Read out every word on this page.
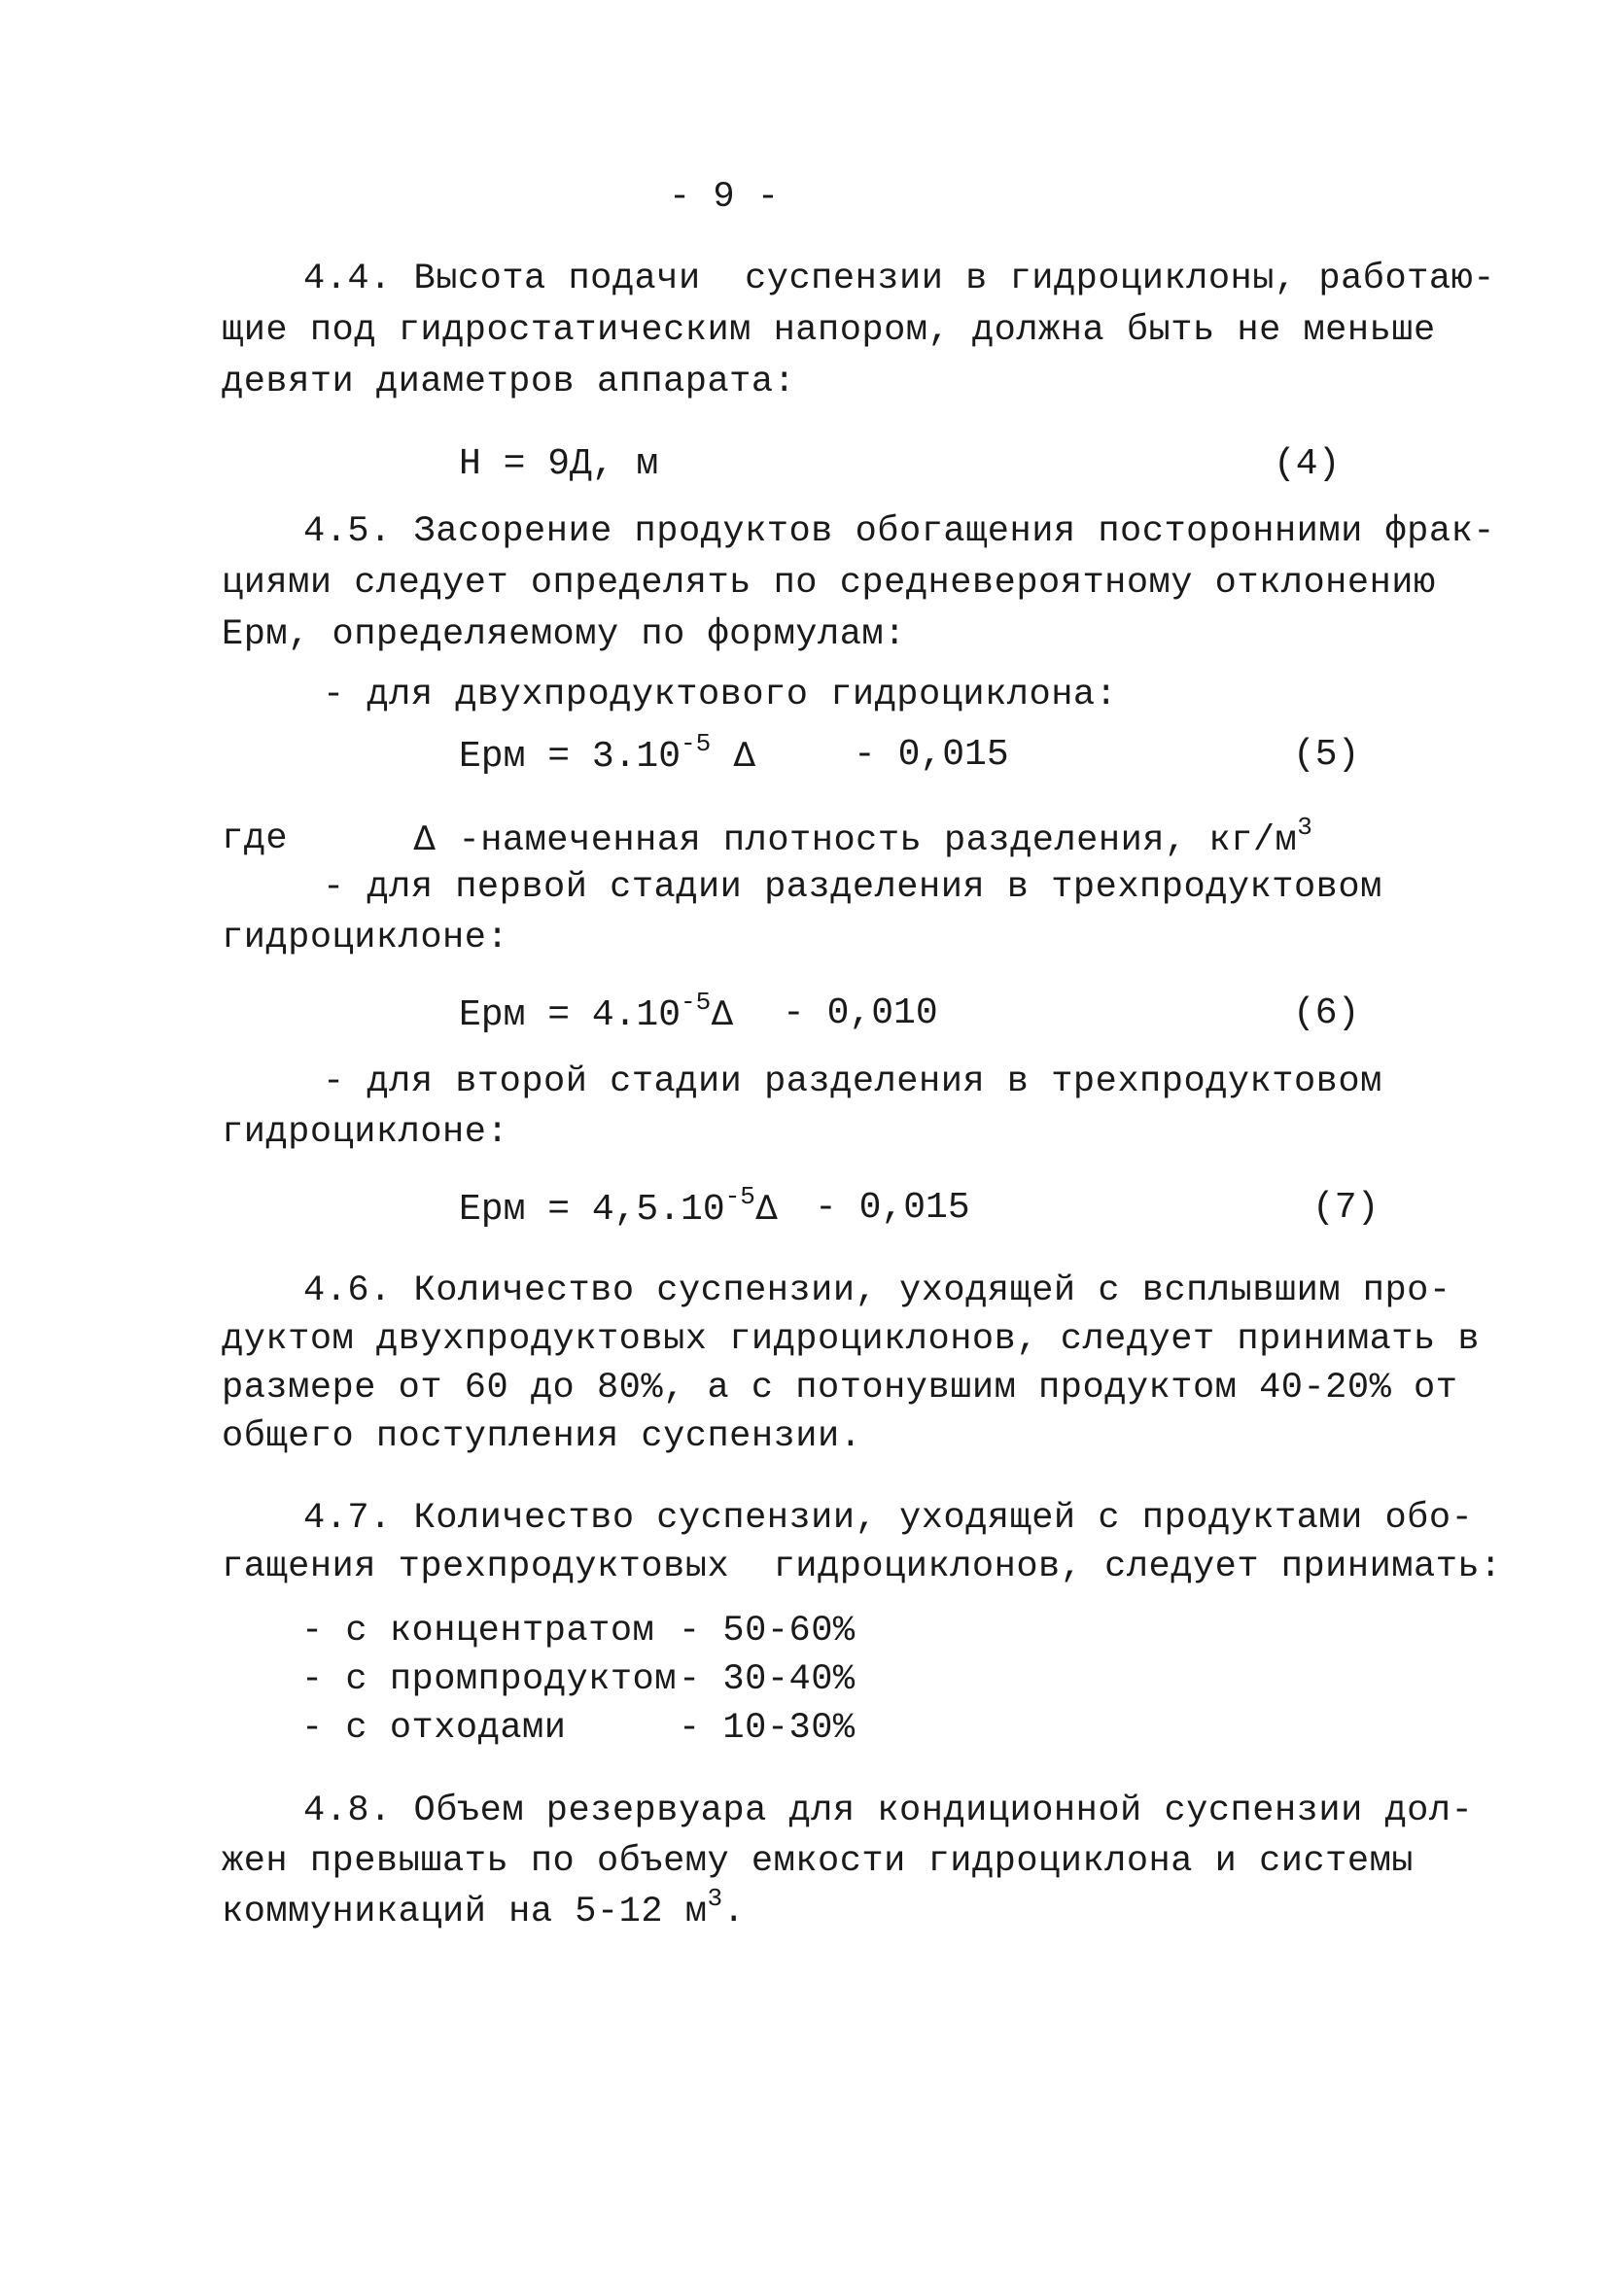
- 9 -
4.4. Высота подачи  суспензии в гидроциклоны, работаю-
щие под гидростатическим напором, должна быть не меньше
девяти диаметров аппарата:
Н = 9Д, м	(4)
4.5. Засорение продуктов обогащения посторонними фрак-
циями следует определять по средневероятному отклонению
Ерм, определяемому по формулам:
- для двухпродуктового гидроциклона:
Ерм = $3.10^{-5}$ Δ	- 0,015	(5)
где	Δ -намеченная плотность разделения, $кг/м^3$
- для первой стадии разделения в трехпродуктовом
гидроциклоне:
Ерм = $4.10^{-5}\Delta - 0,010$	(6)
- для второй стадии разделения в трехпродуктовом
гидроциклоне:
Ерм = $4,5.10^{-5}\Delta - 0,015$	(7)
4.6. Количество суспензии, уходящей с всплывшим про-
дуктом двухпродуктовых гидроциклонов, следует принимать в
размере от 60 до 80%, а с потонувшим продуктом 40-20% от
общего поступления суспензии.
4.7. Количество суспензии, уходящей с продуктами обо-
гащения трехпродуктовых  гидроциклонов, следует принимать:
- с концентратом - 50-60%
- с промпродуктом - 30-40%
- с отходами	- 10-30%
4.8. Объем резервуара для кондиционной суспензии дол-
жен превышать по объему емкости гидроциклона и системы
коммуникаций на 5-12 $м^3$.
